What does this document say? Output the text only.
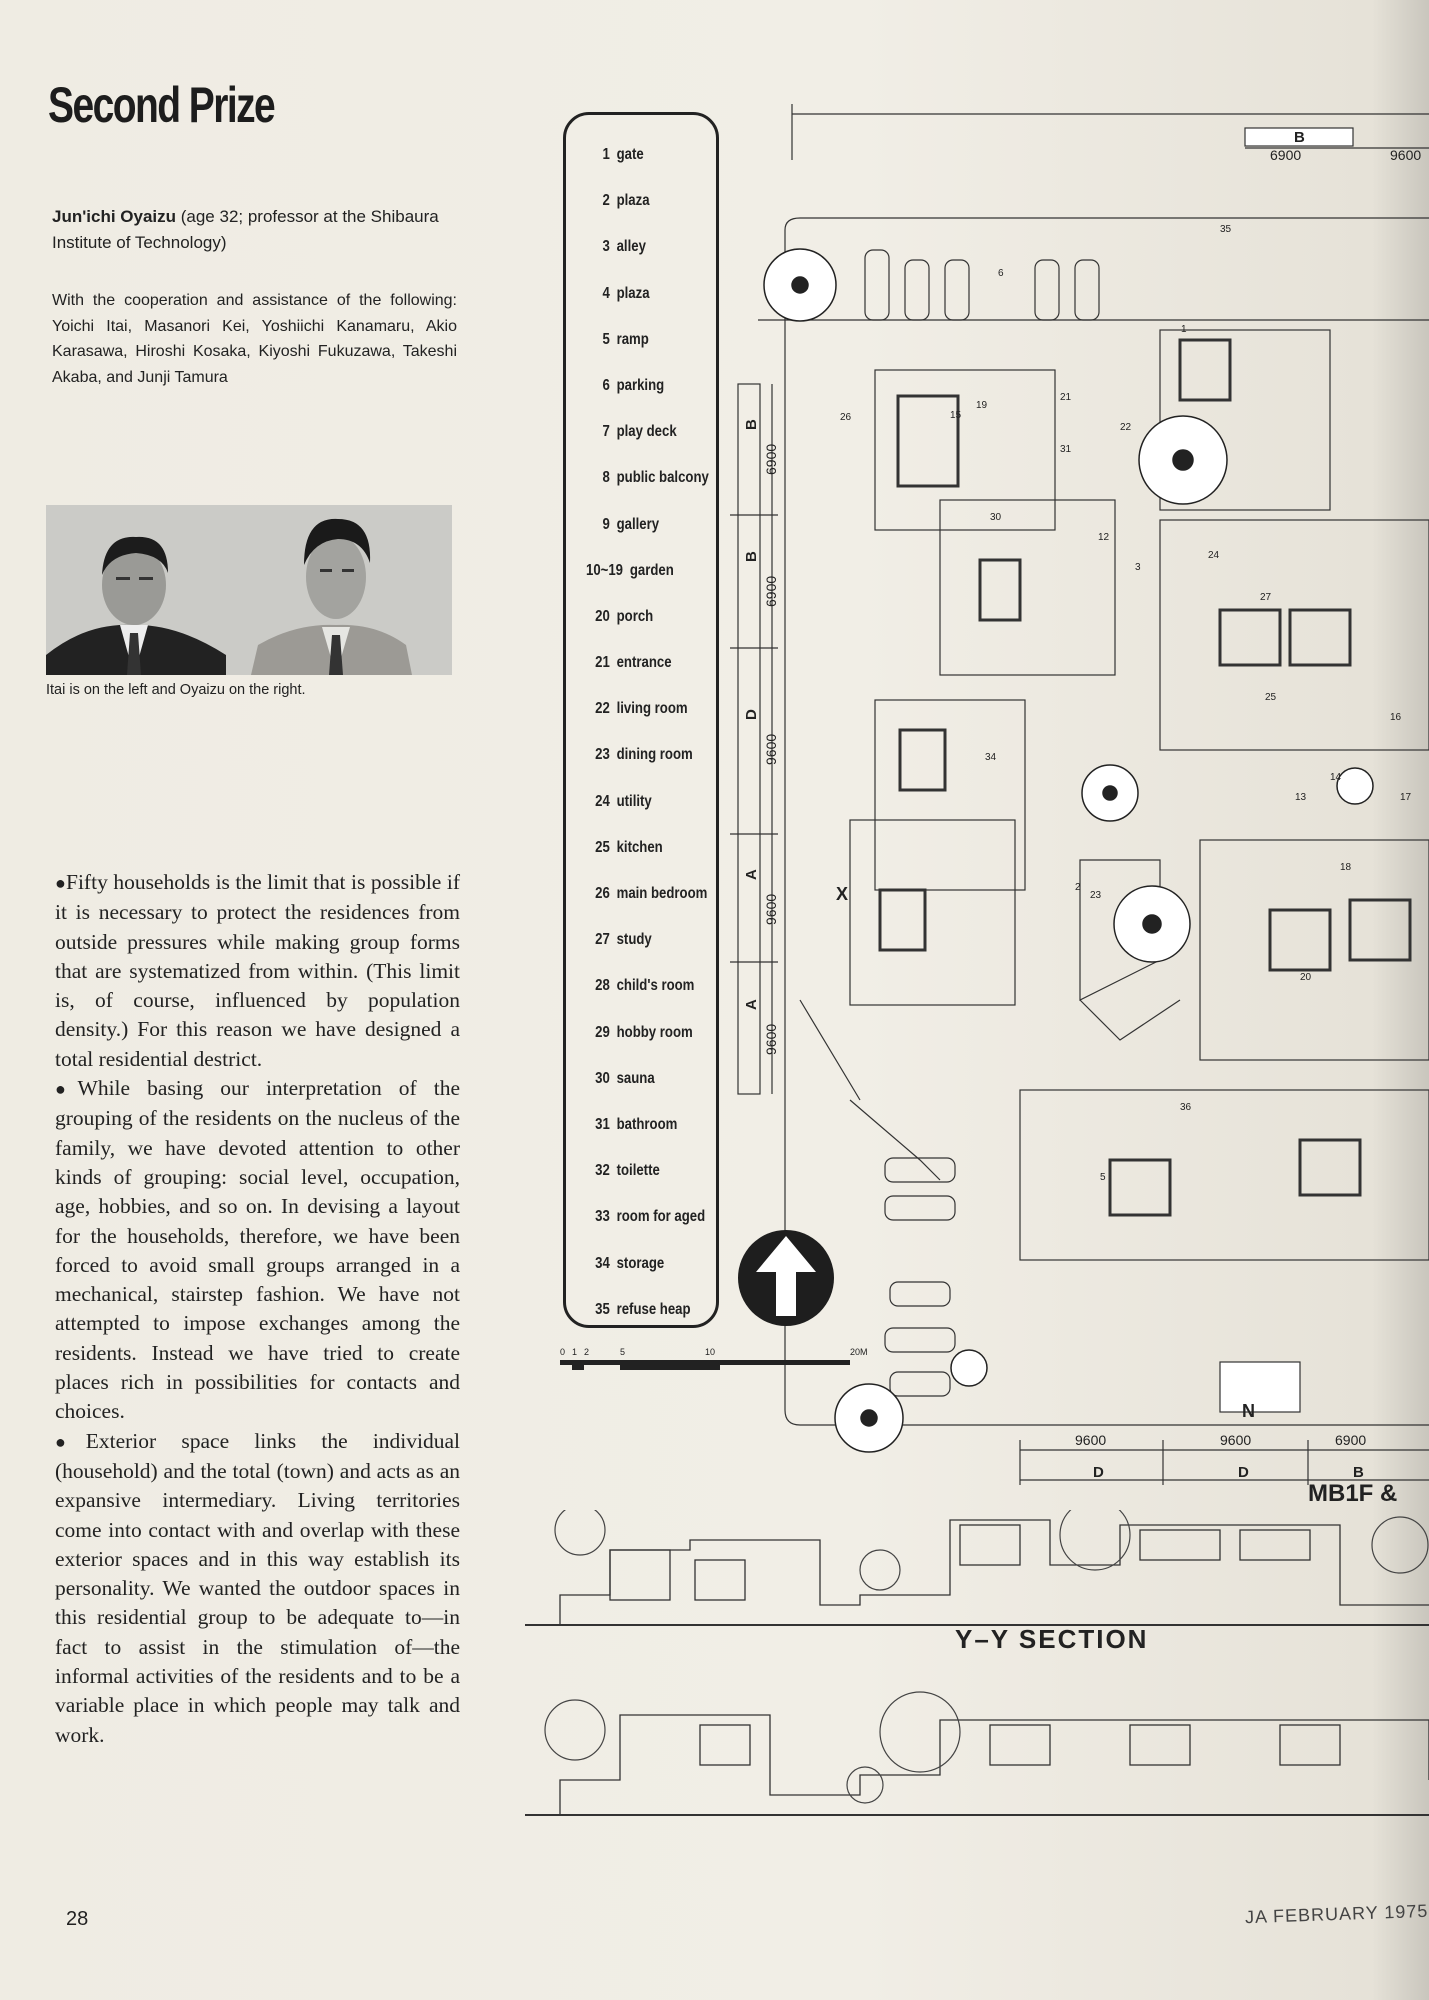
Second Prize
Jun'ichi Oyaizu (age 32; professor at the Shibaura Institute of Technology)
With the cooperation and assistance of the following: Yoichi Itai, Masanori Kei, Yoshiichi Kanamaru, Akio Karasawa, Hiroshi Kosaka, Kiyoshi Fukuzawa, Takeshi Akaba, and Junji Tamura
Itai is on the left and Oyaizu on the right.

●Fifty households is the limit that is possible if it is necessary to protect the residences from outside pressures while making group forms that are systematized from within. (This limit is, of course, influenced by population density.) For this reason we have designed a total residential destrict.

●While basing our interpretation of the grouping of the residents on the nucleus of the family, we have devoted attention to other kinds of grouping: social level, occupation, age, hobbies, and so on. In devising a layout for the households, therefore, we have been forced to avoid small groups arranged in a mechanical, stairstep fashion. We have not attempted to impose exchanges among the residents. Instead we have tried to create places rich in possibilities for contacts and choices.

●Exterior space links the individual (household) and the total (town) and acts as an expansive intermediary. Living territories come into contact with and overlap with these exterior spaces and in this way establish its personality. We wanted the outdoor spaces in this residential group to be adequate to—in fact to assist in the stimulation of—the informal activities of the residents and to be a variable place in which people may talk and work.

1 gate
2 plaza
3 alley
4 plaza
5 ramp
6 parking
7 play deck
8 public balcony
9 gallery
10~19 garden
20 porch
21 entrance
22 living room
23 dining room
24 utility
25 kitchen
26 main bedroom
27 study
28 child's room
29 hobby room
30 sauna
31 bathroom
32 toilette
33 room for aged
34 storage
35 refuse heap
B
6900
B
6900
D
9600
A
9600
A
9600
B
6900	9600
9600
D
9600
D
6900
B
0 1 2	5	10	20M
X
N
35
1
6
19
15
26
21
22
31
30
12
3
24
27
25
13
14
16
17
18
20
23
34
2
5
36
MB1F &
Y–Y SECTION
28	JA FEBRUARY 1975
